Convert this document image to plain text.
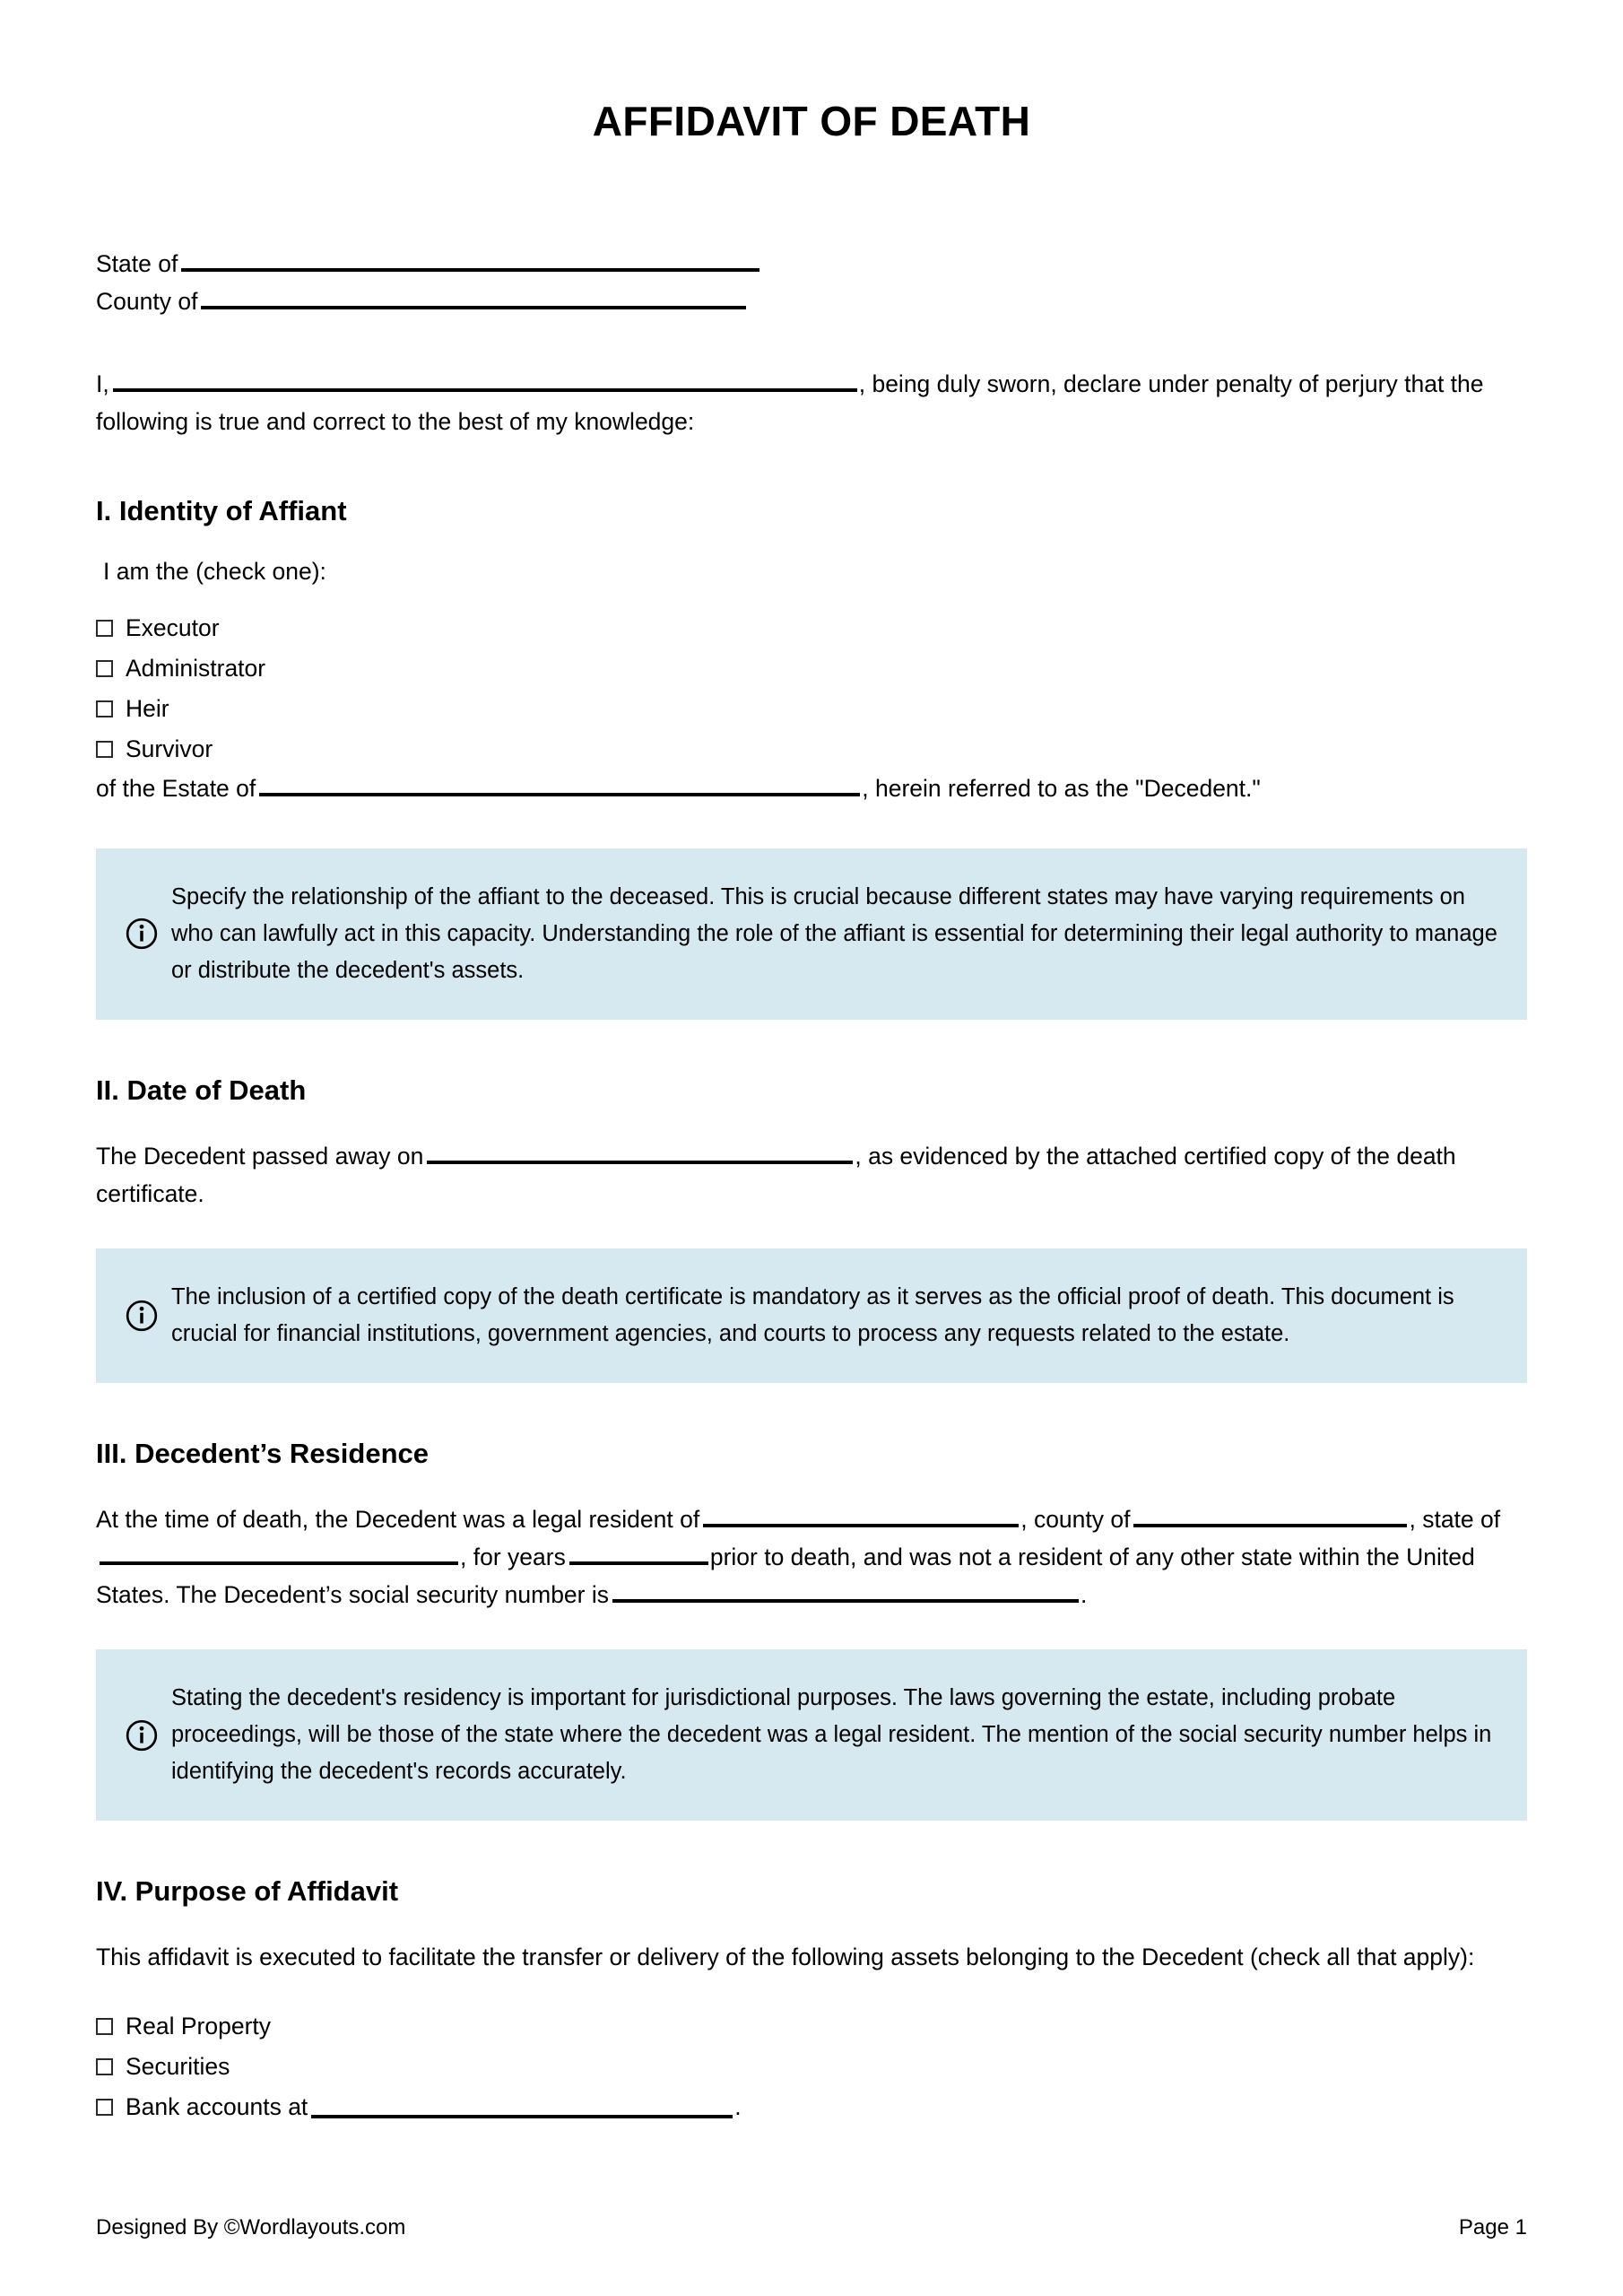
AFFIDAVIT OF DEATH
State of
County of

I,	, being duly sworn, declare under penalty of perjury that the following is true and correct to the best of my knowledge:

I. Identity of Affiant
I am the (check one):
Executor
Administrator
Heir
Survivor

of the Estate of	, herein referred to as the "Decedent."

Specify the relationship of the affiant to the deceased. This is crucial because different states may have varying requirements on who can lawfully act in this capacity. Understanding the role of the affiant is essential for determining their legal authority to manage or distribute the decedent's assets.
II. Date of Death

The Decedent passed away on	, as evidenced by the attached certified copy of the death certificate.

The inclusion of a certified copy of the death certificate is mandatory as it serves as the official proof of death. This document is crucial for financial institutions, government agencies, and courts to process any requests related to the estate.
III. Decedent’s Residence

At the time of death, the Decedent was a legal resident of	, county of	, state of, for years	prior to death, and was not a resident of any other state within the United States. The Decedent’s social security number is	.

Stating the decedent's residency is important for jurisdictional purposes. The laws governing the estate, including probate proceedings, will be those of the state where the decedent was a legal resident. The mention of the social security number helps in identifying the decedent's records accurately.
IV. Purpose of Affidavit

This affidavit is executed to facilitate the transfer or delivery of the following assets belonging to the Decedent (check all that apply):

Real Property
Securities
Bank accounts at	.
Designed By ©Wordlayouts.com	Page 1
